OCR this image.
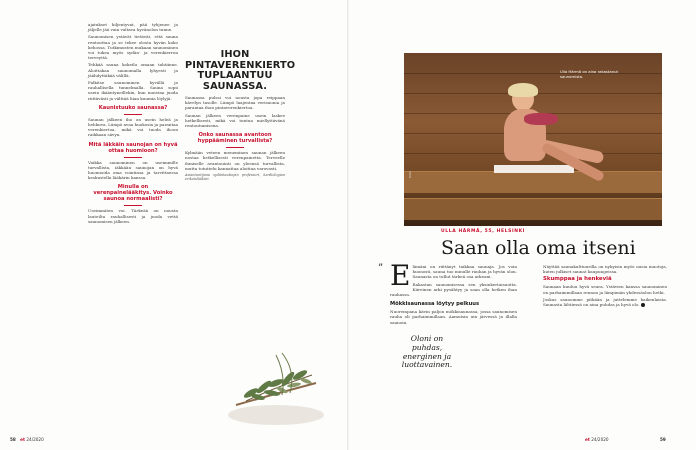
ajatukset hiljentyvat, pää tyhjenee ja jäljelle jää vain valtava hyvänolon tunne.

Saunomisen ystävät tietävät, että sauna rentouttaa ja se tekee olosta hyvän koko kehossa. Tutkimusten mukaan saunominen voi tukea myös sydän- ja verenkierron terveyttä.

Tehkää sauna kokeilu omaan tahtiinne. Aloittakaa saunomalla lyhyesti ja jäähdyttäkää välillä.

Palkitse saunominen hyvällä ja rauhallisella tunnelmalla. Sauna sopii usein ikääntyneillekin, kun muistaa juoda riittävästi ja välttää liian kuumia löylyjä.

Kaunistuuko saunassa?

Saunan jälkeen iho on usein heleä ja hehkuva. Lämpö avaa huokosia ja parantaa verenkiertoa, mikä voi tuoda ihoon raikkaan sävyn.

Mitä läkkäin saunojan on hyvä ottaa huomioon?

Vaikka saunominen on useimmille turvallista, iäkkään saunojan on hyvä huomioida oma vointinsa ja tarvittaessa keskustella lääkärin kanssa.

Minulla on verenpainelääkitys. Voinko saunoa normaalisti?

Useimmiten voi. Tärkeää on nousta lauteilta rauhallisesti ja juoda vettä saunomisen jälkeen.

IHON PINTAVERENKIERTO TUPLAANTUU SAUNASSA.

Saunassa pulssi voi nousta jopa reippaan kävelyn tasolle. Lämpö laajentaa verisuonia ja parantaa ihon pintaverenkiertoa.

Saunan jälkeen verenpaine usein laskee hetkellisesti, mikä voi tuntua miellyttävänä rentoutumisena.

Onko saunassa avantoon hyppääminen turvallista?

Kylmään veteen meneminen saunan jälkeen nostaa hetkellisesti verenpainetta. Terveelle ihmiselle avantouinti on yleensä turvallista, mutta totuttelu kannattaa aloittaa varovasti.

Asiantuntijana sydäntautiopin professori, kardiologian erikoislääkäri.

58 et 24/2020
Ulla Härmä on aina rakastanut saunomista.
KUVA
ULLA HÄRMÄ, 55, HELSINKI
Saan olla oma itseni
” Elämäni on riittänyt taikkaa saunaja. Jos voin huonosti, sauna tuo minulle rauhan ja hyvän olon. Saunasta on tullut tärkeä osa arkeani.

Rakastan saunomisessa sen yksinkertaisuutta. Kiireinen arki pysähtyy ja saan olla hetken ihan rauhassa.

Mökkisaunassa löytyy pelkuus

Nuorempana kävin paljon mökkisaunassa, jossa saunomisen rauha oli parhaimmillaan. Aamuisin uin järvessä ja illalla saunoin.

Oloni on puhdas, energinen ja luottavainen.

Näyttää saunakulttuurilla on nykyisin myös uusia muotoja, kuten julkiset saunat kaupungeissa.

Skumppaa ja henkeviä

Saunaan kuuluu hyvä seura. Ystävien kanssa saunominen on parhaimmillaan rennon ja lämpimän yhdessäolon hetki.

Joskus saunomme pitkään ja juttelemme kaikenlaista. Saunasta lähtiessä on aina puhdas ja hyvä olo.

et 24/2020	59
